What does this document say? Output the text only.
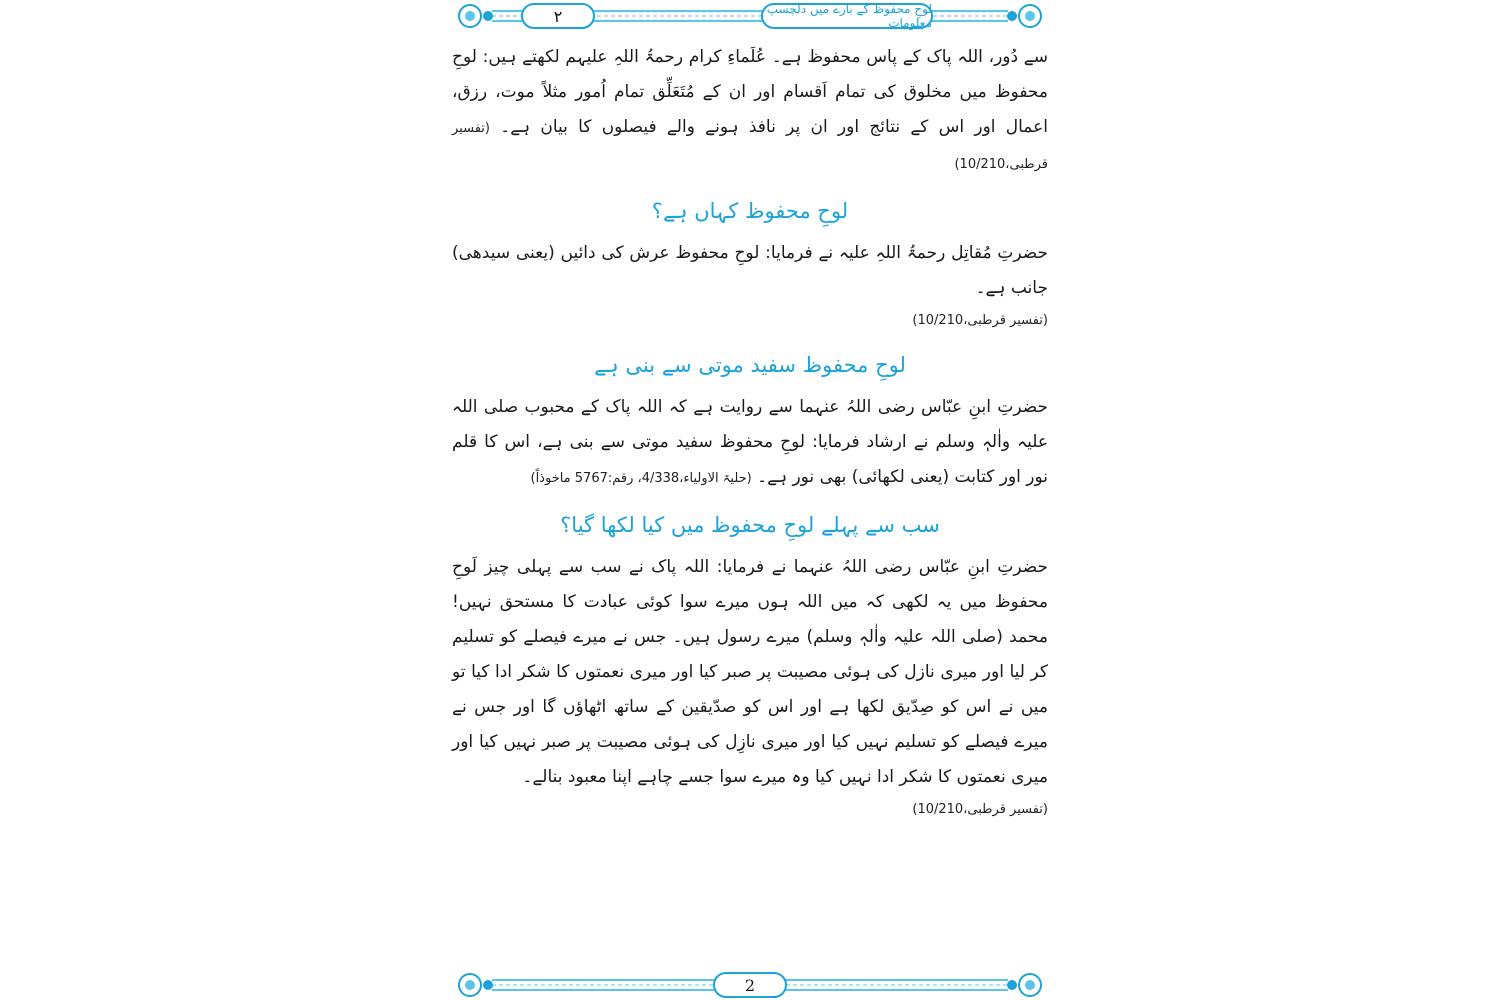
٢	لوحِ محفوظ کے بارے میں دلچسپ معلومات

سے دُور، اللہ پاک کے پاس محفوظ ہے۔ عُلَماءِ کرام رحمۃُ اللہِ علیہم لکھتے ہیں: لوحِ محفوظ میں مخلوق کی تمام اَقسام اور ان کے مُتَعَلِّق تمام اُمور مثلاً موت، رزق، اعمال اور اس کے نتائج اور ان پر نافذ ہونے والے فیصلوں کا بیان ہے۔ (تفسیر قرطبی،10/210)

لوحِ محفوظ کہاں ہے؟

حضرتِ مُقاتِل رحمۃُ اللہِ علیہ نے فرمایا: لوحِ محفوظ عرش کی دائیں (یعنی سیدھی) جانب ہے۔

(تفسیر قرطبی،10/210)

لوحِ محفوظ سفید موتی سے بنی ہے

حضرتِ ابنِ عبّاس رضی اللہُ عنہما سے روایت ہے کہ اللہ پاک کے محبوب صلی اللہ علیہ واٰلہٖ وسلم نے ارشاد فرمایا: لوحِ محفوظ سفید موتی سے بنی ہے، اس کا قلم نور اور کتابت (یعنی لکھائی) بھی نور ہے۔ (حلیۃ الاولیاء،4/338، رقم:5767 ماخوذاً)

سب سے پہلے لوحِ محفوظ میں کیا لکھا گیا؟

حضرتِ ابنِ عبّاس رضی اللہُ عنہما نے فرمایا: اللہ پاک نے سب سے پہلی چیز لَوحِ محفوظ میں یہ لکھی کہ میں اللہ ہوں میرے سوا کوئی عبادت کا مستحق نہیں! محمد (صلی اللہ علیہ واٰلہٖ وسلم) میرے رسول ہیں۔ جس نے میرے فیصلے کو تسلیم کر لیا اور میری نازل کی ہوئی مصیبت پر صبر کیا اور میری نعمتوں کا شکر ادا کیا تو میں نے اس کو صِدّیق لکھا ہے اور اس کو صدّیقین کے ساتھ اٹھاؤں گا اور جس نے میرے فیصلے کو تسلیم نہیں کیا اور میری نازِل کی ہوئی مصیبت پر صبر نہیں کیا اور میری نعمتوں کا شکر ادا نہیں کیا وہ میرے سوا جسے چاہے اپنا معبود بنالے۔

(تفسیر قرطبی،10/210)

2
